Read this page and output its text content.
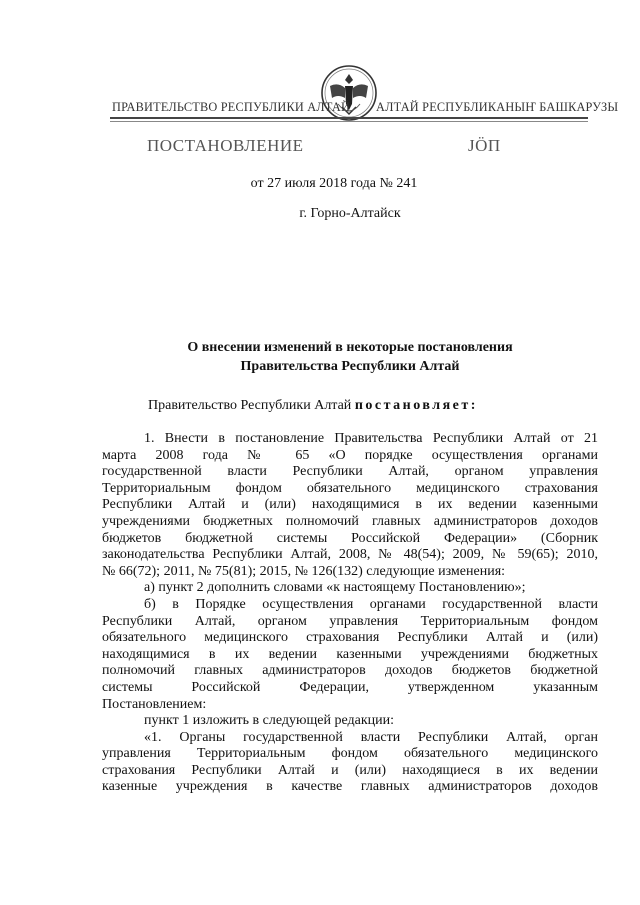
ПРАВИТЕЛЬСТВО РЕСПУБЛИКИ АЛТАЙ АЛТАЙ РЕСПУБЛИКАНЫҤ БАШКАРУЗЫ
ПОСТАНОВЛЕНИЕ	ЈӦП
от 27 июля 2018 года № 241
г. Горно-Алтайск
О внесении изменений в некоторые постановления
Правительства Республики Алтай
Правительство Республики Алтай постановляет:

1. Внести в постановление Правительства Республики Алтай от 21

марта 2008 года № 65 «О порядке осуществления органами

государственной власти Республики Алтай, органом управления

Территориальным фондом обязательного медицинского страхования

Республики Алтай и (или) находящимися в их ведении казенными

учреждениями бюджетных полномочий главных администраторов доходов

бюджетов бюджетной системы Российской Федерации» (Сборник

законодательства Республики Алтай, 2008, № 48(54); 2009, № 59(65); 2010,

№ 66(72); 2011, № 75(81); 2015, № 126(132) следующие изменения:

а) пункт 2 дополнить словами «к настоящему Постановлению»;

б) в Порядке осуществления органами государственной власти

Республики Алтай, органом управления Территориальным фондом

обязательного медицинского страхования Республики Алтай и (или)

находящимися в их ведении казенными учреждениями бюджетных

полномочий главных администраторов доходов бюджетов бюджетной

системы Российской Федерации, утвержденном указанным

Постановлением:

пункт 1 изложить в следующей редакции:

«1. Органы государственной власти Республики Алтай, орган

управления Территориальным фондом обязательного медицинского

страхования Республики Алтай и (или) находящиеся в их ведении

казенные учреждения в качестве главных администраторов доходов
